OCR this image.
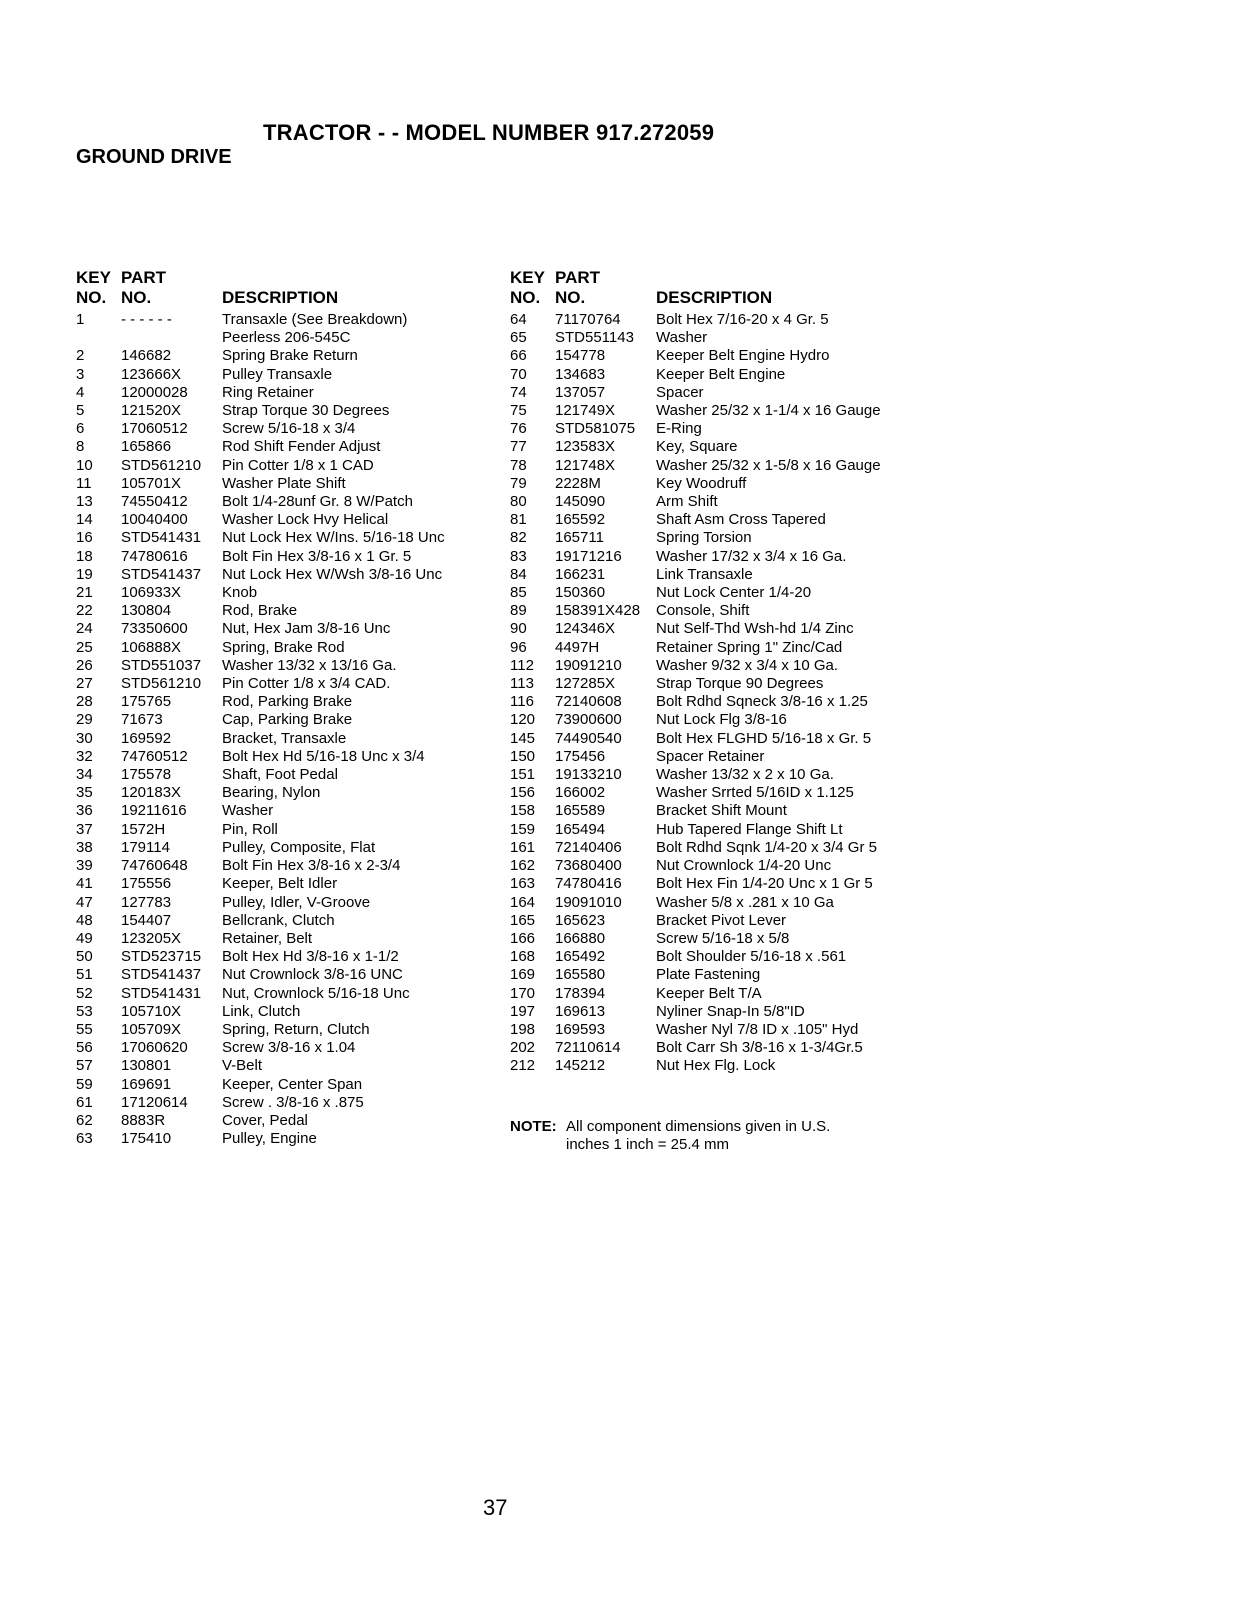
TRACTOR - - MODEL NUMBER 917.272059
GROUND DRIVE
KEY PART
NO. NO.	DESCRIPTION
1	- - - - - -	Transaxle (See Breakdown)
Peerless 206-545C
2	146682	Spring Brake Return
3	123666X	Pulley Transaxle
4	12000028	Ring Retainer
5	121520X	Strap Torque 30 Degrees
6	17060512	Screw 5/16-18 x 3/4
8	165866	Rod Shift Fender Adjust
10	STD561210	Pin Cotter 1/8 x 1 CAD
11	105701X	Washer Plate Shift
13	74550412	Bolt 1/4-28unf Gr. 8 W/Patch
14	10040400	Washer Lock Hvy Helical
16	STD541431	Nut Lock Hex W/Ins. 5/16-18 Unc
18	74780616	Bolt Fin Hex 3/8-16 x 1 Gr. 5
19	STD541437	Nut Lock Hex W/Wsh 3/8-16 Unc
21	106933X	Knob
22	130804	Rod, Brake
24	73350600	Nut, Hex Jam 3/8-16 Unc
25	106888X	Spring, Brake Rod
26	STD551037	Washer 13/32 x 13/16 Ga.
27	STD561210	Pin Cotter 1/8 x 3/4 CAD.
28	175765	Rod, Parking Brake
29	71673	Cap, Parking Brake
30	169592	Bracket, Transaxle
32	74760512	Bolt Hex Hd 5/16-18 Unc x 3/4
34	175578	Shaft, Foot Pedal
35	120183X	Bearing, Nylon
36	19211616	Washer
37	1572H	Pin, Roll
38	179114	Pulley, Composite, Flat
39	74760648	Bolt Fin Hex 3/8-16 x 2-3/4
41	175556	Keeper, Belt Idler
47	127783	Pulley, Idler, V-Groove
48	154407	Bellcrank, Clutch
49	123205X	Retainer, Belt
50	STD523715	Bolt Hex Hd 3/8-16 x 1-1/2
51	STD541437	Nut Crownlock 3/8-16 UNC
52	STD541431	Nut, Crownlock 5/16-18 Unc
53	105710X	Link, Clutch
55	105709X	Spring, Return, Clutch
56	17060620	Screw 3/8-16 x 1.04
57	130801	V-Belt
59	169691	Keeper, Center Span
61	17120614	Screw . 3/8-16 x .875
62	8883R	Cover, Pedal
63	175410	Pulley, Engine
KEY PART
NO. NO.	DESCRIPTION
64	71170764	Bolt Hex 7/16-20 x 4 Gr. 5
65	STD551143	Washer
66	154778	Keeper Belt Engine Hydro
70	134683	Keeper Belt Engine
74	137057	Spacer
75	121749X	Washer 25/32 x 1-1/4 x 16 Gauge
76	STD581075	E-Ring
77	123583X	Key, Square
78	121748X	Washer 25/32 x 1-5/8 x 16 Gauge
79	2228M	Key Woodruff
80	145090	Arm Shift
81	165592	Shaft Asm Cross Tapered
82	165711	Spring Torsion
83	19171216	Washer 17/32 x 3/4 x 16 Ga.
84	166231	Link Transaxle
85	150360	Nut Lock Center 1/4-20
89	158391X428	Console, Shift
90	124346X	Nut Self-Thd Wsh-hd 1/4 Zinc
96	4497H	Retainer Spring 1" Zinc/Cad
112	19091210	Washer 9/32 x 3/4 x 10 Ga.
113	127285X	Strap Torque 90 Degrees
116	72140608	Bolt Rdhd Sqneck 3/8-16 x 1.25
120	73900600	Nut Lock Flg 3/8-16
145	74490540	Bolt Hex FLGHD 5/16-18 x Gr. 5
150	175456	Spacer Retainer
151	19133210	Washer 13/32 x 2 x 10 Ga.
156	166002	Washer Srrted 5/16ID x 1.125
158	165589	Bracket Shift Mount
159	165494	Hub Tapered Flange Shift Lt
161	72140406	Bolt Rdhd Sqnk 1/4-20 x 3/4 Gr 5
162	73680400	Nut Crownlock 1/4-20 Unc
163	74780416	Bolt Hex Fin 1/4-20 Unc x 1 Gr 5
164	19091010	Washer 5/8 x .281 x 10 Ga
165	165623	Bracket Pivot Lever
166	166880	Screw 5/16-18 x 5/8
168	165492	Bolt Shoulder 5/16-18 x .561
169	165580	Plate Fastening
170	178394	Keeper Belt T/A
197	169613	Nyliner Snap-In 5/8"ID
198	169593	Washer Nyl 7/8 ID x .105" Hyd
202	72110614	Bolt Carr Sh 3/8-16 x 1-3/4Gr.5
212	145212	Nut Hex Flg. Lock
NOTE: All component dimensions given in U.S.
inches 1 inch = 25.4 mm
37
